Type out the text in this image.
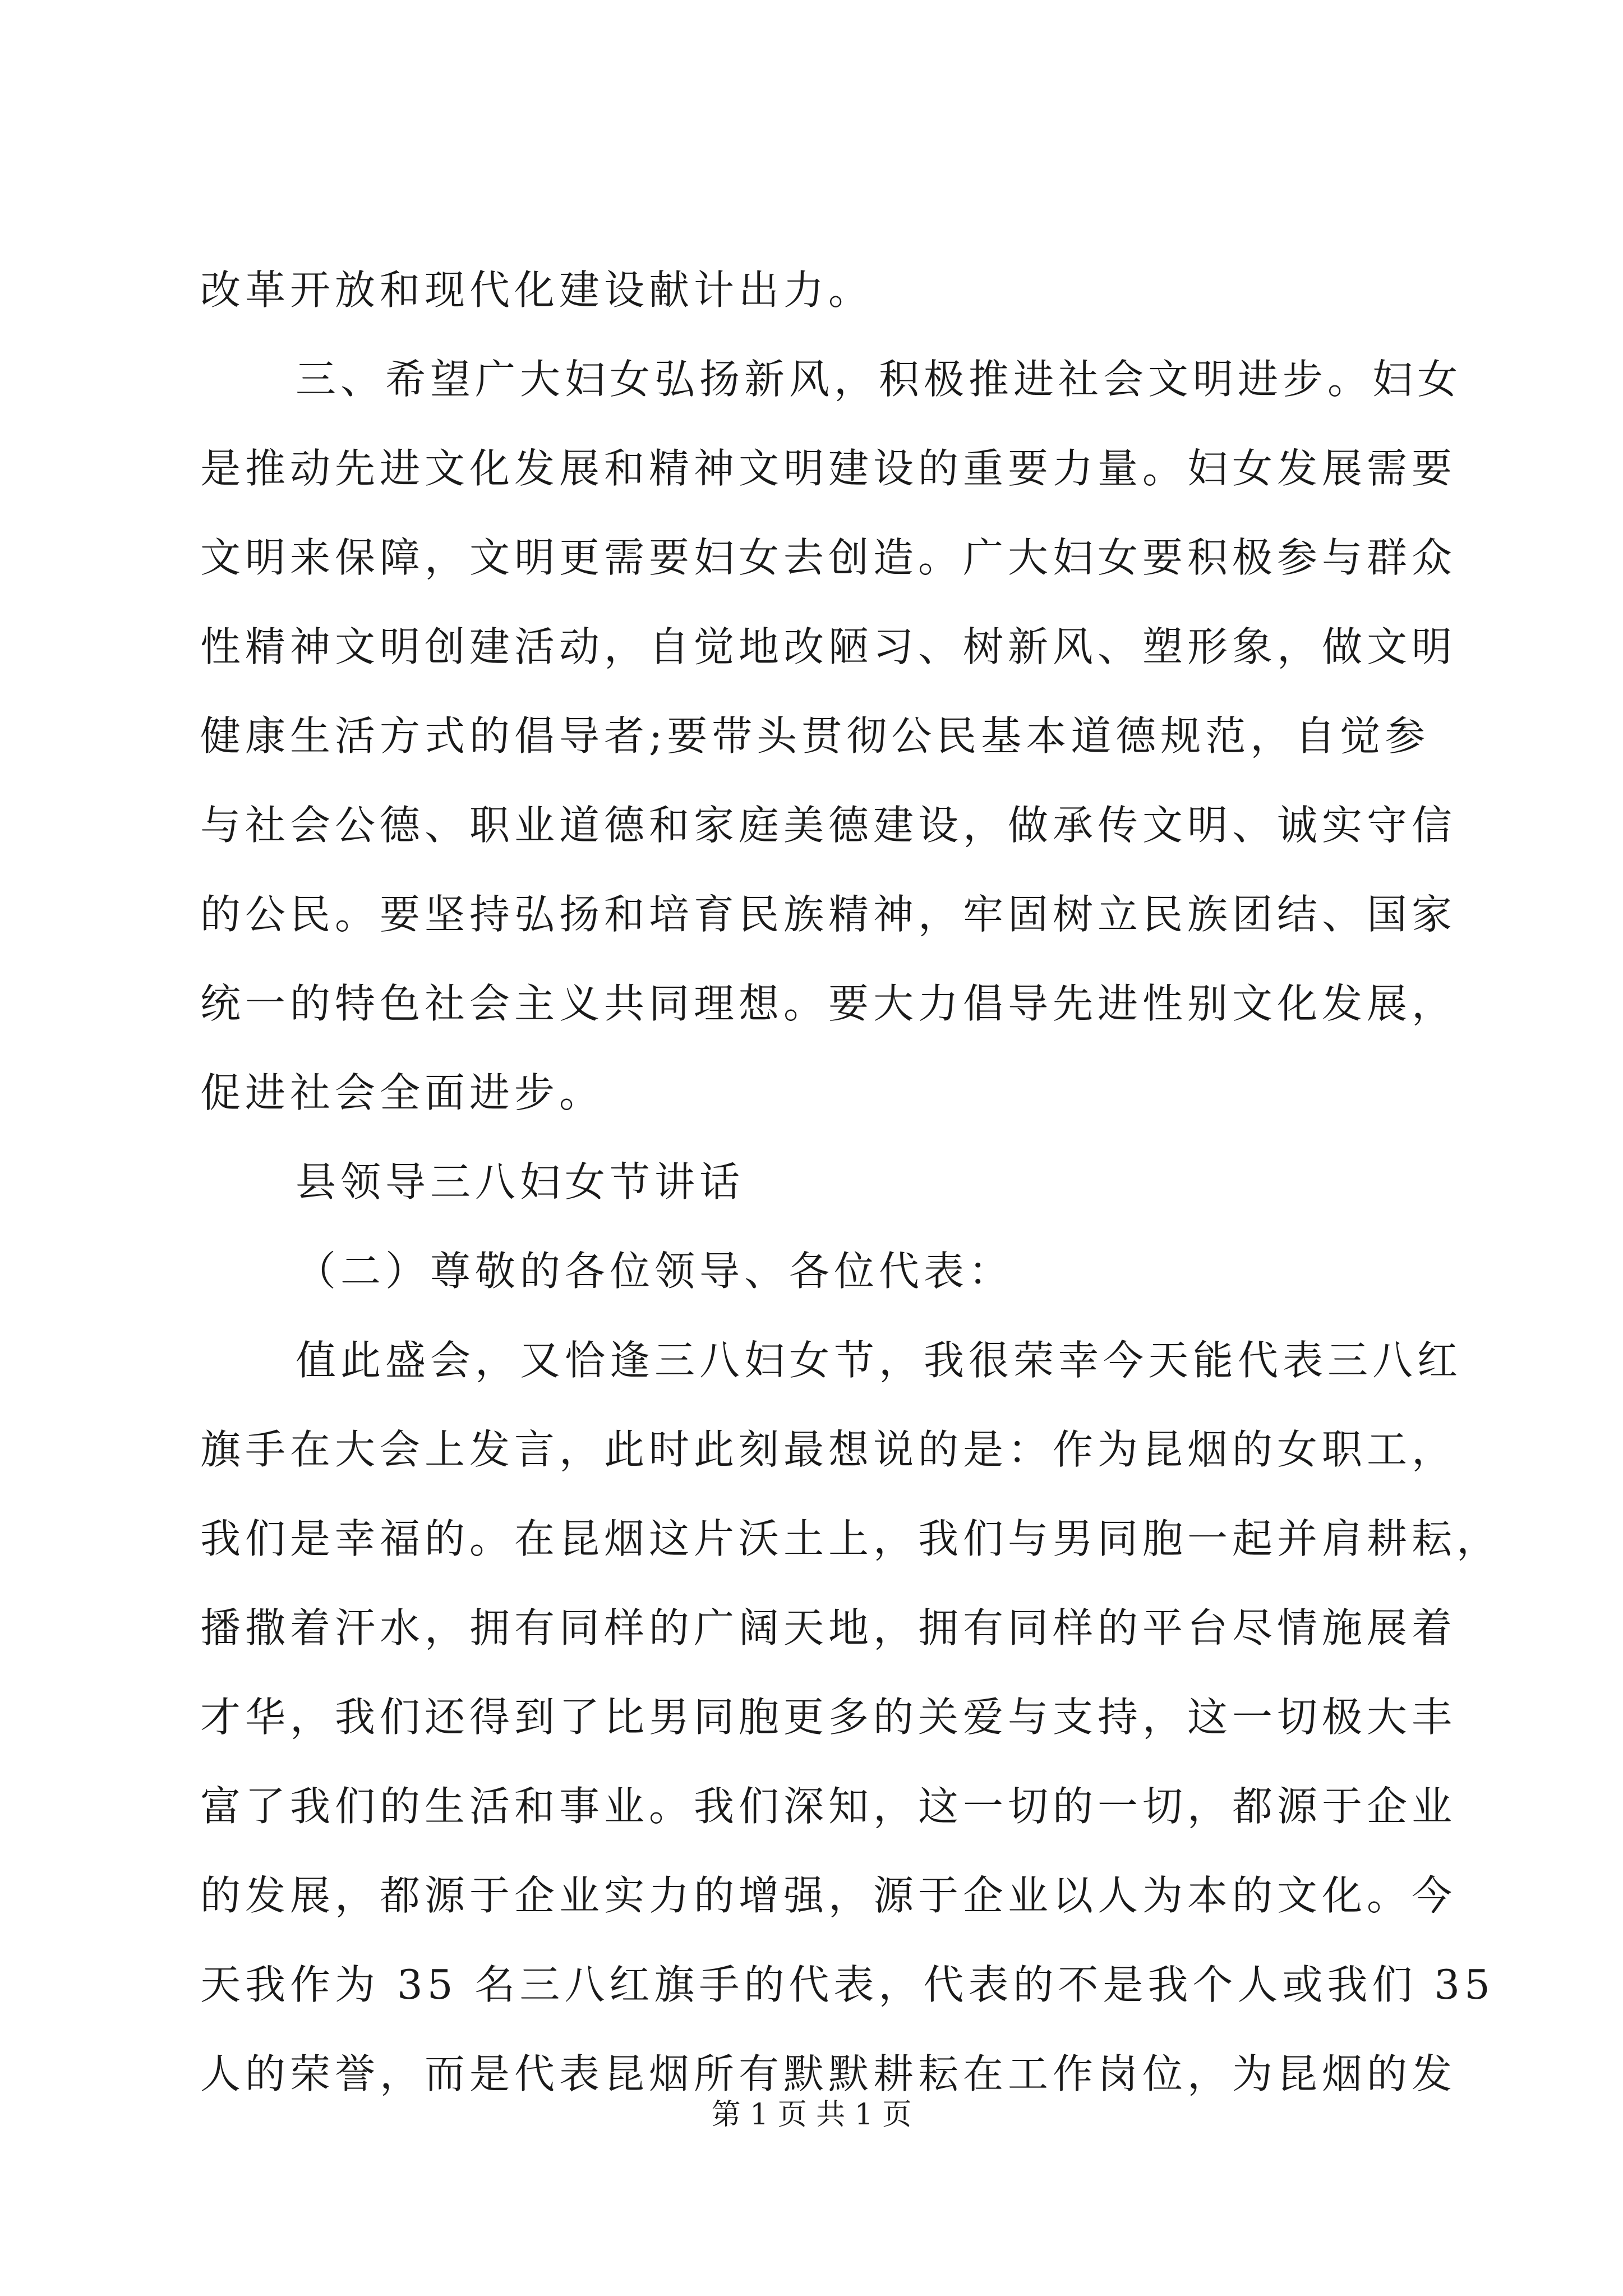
改革开放和现代化建设献计出力。
三、希望广大妇女弘扬新风，积极推进社会文明进步。妇女
是推动先进文化发展和精神文明建设的重要力量。妇女发展需要
文明来保障，文明更需要妇女去创造。广大妇女要积极参与群众
性精神文明创建活动，自觉地改陋习、树新风、塑形象，做文明
健康生活方式的倡导者;要带头贯彻公民基本道德规范，自觉参
与社会公德、职业道德和家庭美德建设，做承传文明、诚实守信
的公民。要坚持弘扬和培育民族精神，牢固树立民族团结、国家
统一的特色社会主义共同理想。要大力倡导先进性别文化发展，
促进社会全面进步。
县领导三八妇女节讲话
（二）尊敬的各位领导、各位代表：
值此盛会，又恰逢三八妇女节，我很荣幸今天能代表三八红
旗手在大会上发言，此时此刻最想说的是：作为昆烟的女职工，
我们是幸福的。在昆烟这片沃土上，我们与男同胞一起并肩耕耘，
播撒着汗水，拥有同样的广阔天地，拥有同样的平台尽情施展着
才华，我们还得到了比男同胞更多的关爱与支持，这一切极大丰
富了我们的生活和事业。我们深知，这一切的一切，都源于企业
的发展，都源于企业实力的增强，源于企业以人为本的文化。今
天我作为 35 名三八红旗手的代表，代表的不是我个人或我们 35
人的荣誉，而是代表昆烟所有默默耕耘在工作岗位，为昆烟的发
第 1 页 共 1 页
